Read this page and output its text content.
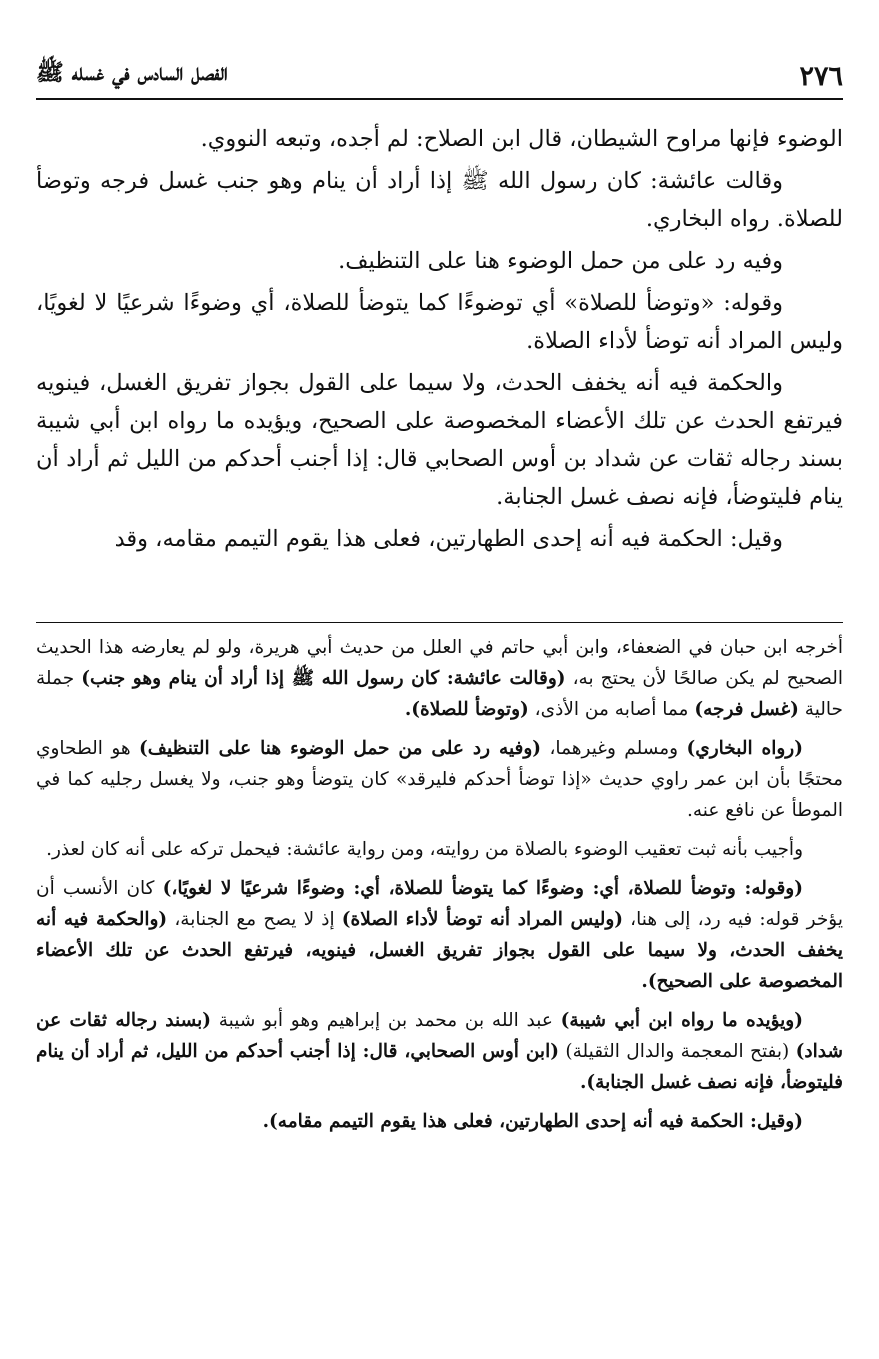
٢٧٦
الفصل السادس في غسله ﷺ

الوضوء فإنها مراوح الشيطان، قال ابن الصلاح: لم أجده، وتبعه النووي.

وقالت عائشة: كان رسول الله ﷺ إذا أراد أن ينام وهو جنب غسل فرجه وتوضأ للصلاة. رواه البخاري.

وفيه رد على من حمل الوضوء هنا على التنظيف.

وقوله: «وتوضأ للصلاة» أي توضوءًا كما يتوضأ للصلاة، أي وضوءًا شرعيًا لا لغويًا، وليس المراد أنه توضأ لأداء الصلاة.

والحكمة فيه أنه يخفف الحدث، ولا سيما على القول بجواز تفريق الغسل، فينويه فيرتفع الحدث عن تلك الأعضاء المخصوصة على الصحيح، ويؤيده ما رواه ابن أبي شيبة بسند رجاله ثقات عن شداد بن أوس الصحابي قال: إذا أجنب أحدكم من الليل ثم أراد أن ينام فليتوضأ، فإنه نصف غسل الجنابة.

وقيل: الحكمة فيه أنه إحدى الطهارتين، فعلى هذا يقوم التيمم مقامه، وقد

أخرجه ابن حبان في الضعفاء، وابن أبي حاتم في العلل من حديث أبي هريرة، ولو لم يعارضه هذا الحديث الصحيح لم يكن صالحًا لأن يحتج به، (وقالت عائشة: كان رسول الله ﷺ إذا أراد أن ينام وهو جنب) جملة حالية (غسل فرجه) مما أصابه من الأذى، (وتوضأ للصلاة).

(رواه البخاري) ومسلم وغيرهما، (وفيه رد على من حمل الوضوء هنا على التنظيف) هو الطحاوي محتجًا بأن ابن عمر راوي حديث «إذا توضأ أحدكم فليرقد» كان يتوضأ وهو جنب، ولا يغسل رجليه كما في الموطأ عن نافع عنه.

وأجيب بأنه ثبت تعقيب الوضوء بالصلاة من روايته، ومن رواية عائشة: فيحمل تركه على أنه كان لعذر.

(وقوله: وتوضأ للصلاة، أي: وضوءًا كما يتوضأ للصلاة، أي: وضوءًا شرعيًا لا لغويًا،) كان الأنسب أن يؤخر قوله: فيه رد، إلى هنا، (وليس المراد أنه توضأ لأداء الصلاة) إذ لا يصح مع الجنابة، (والحكمة فيه أنه يخفف الحدث، ولا سيما على القول بجواز تفريق الغسل، فينويه، فيرتفع الحدث عن تلك الأعضاء المخصوصة على الصحيح).

(ويؤيده ما رواه ابن أبي شيبة) عبد الله بن محمد بن إبراهيم وهو أبو شيبة (بسند رجاله ثقات عن شداد) (بفتح المعجمة والدال الثقيلة) (ابن أوس الصحابي، قال: إذا أجنب أحدكم من الليل، ثم أراد أن ينام فليتوضأ، فإنه نصف غسل الجنابة).

(وقيل: الحكمة فيه أنه إحدى الطهارتين، فعلى هذا يقوم التيمم مقامه).
